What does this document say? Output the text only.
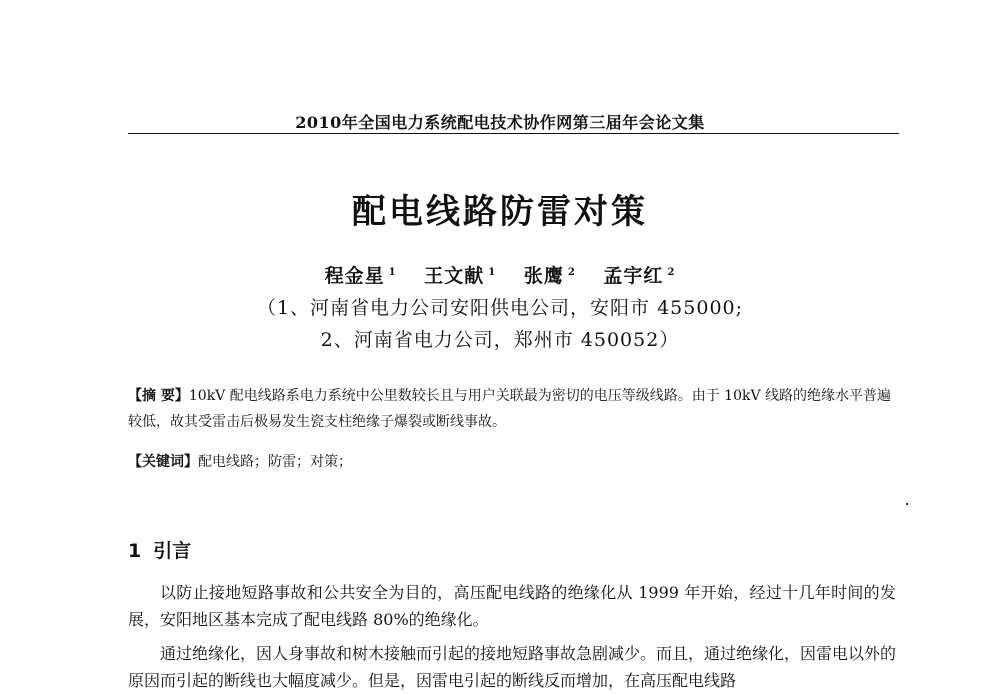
2010年全国电力系统配电技术协作网第三届年会论文集
配电线路防雷对策
程金星 $^1$ 王文献 $^1$ 张鹰 $^2$ 孟宇红 $^2$
（1、河南省电力公司安阳供电公司，安阳市 455000;
2、河南省电力公司，郑州市 450052）
【摘 要】10kV 配电线路系电力系统中公里数较长且与用户关联最为密切的电压等级线路。由于 10kV 线路的绝缘水平普遍较低，故其受雷击后极易发生瓷支柱绝缘子爆裂或断线事故。
【关键词】配电线路；防雷；对策；
1 引言
以防止接地短路事故和公共安全为目的，高压配电线路的绝缘化从 1999 年开始，经过十几年时间的发展，安阳地区基本完成了配电线路 80%的绝缘化。
通过绝缘化，因人身事故和树木接触而引起的接地短路事故急剧减少。而且，通过绝缘化，因雷电以外的原因而引起的断线也大幅度减少。但是，因雷电引起的断线反而增加，在高压配电线路
